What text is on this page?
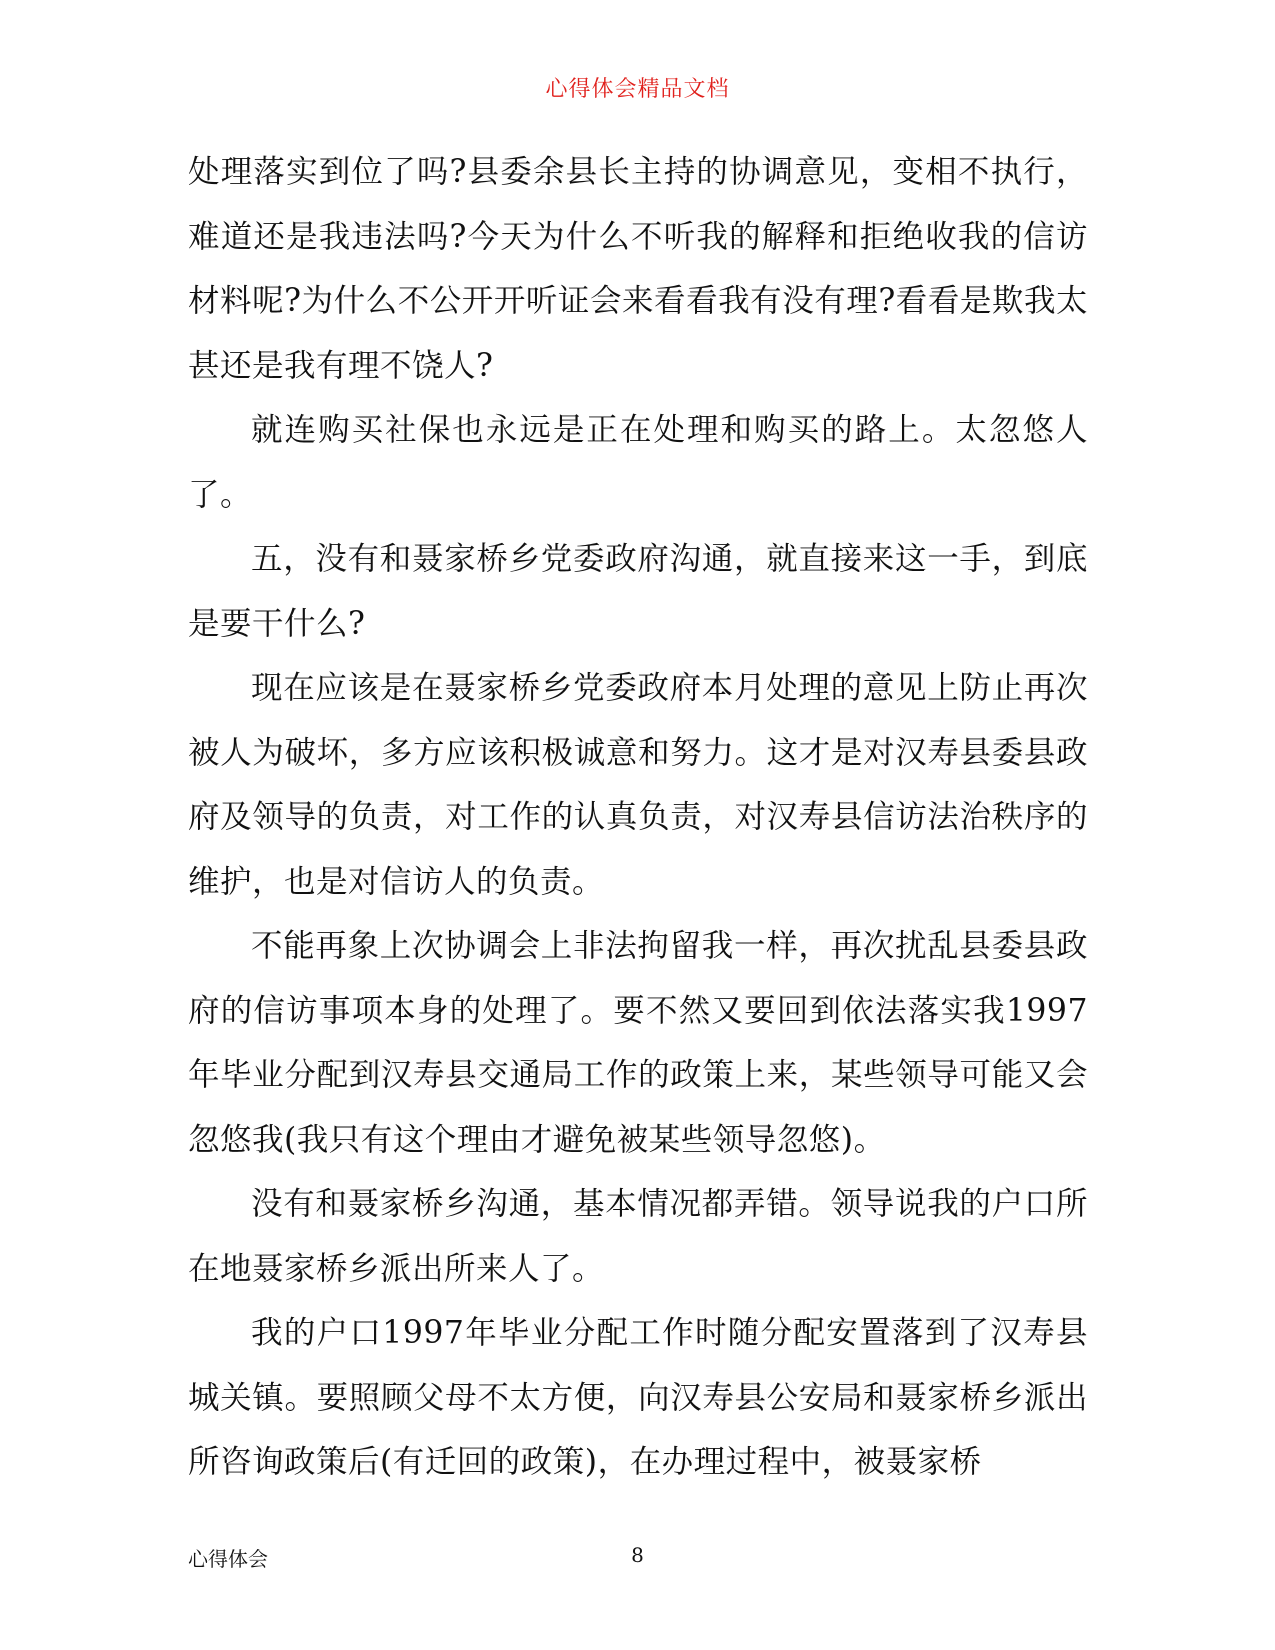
心得体会精品文档

处理落实到位了吗?县委余县长主持的协调意见，变相不执行，难道还是我违法吗?今天为什么不听我的解释和拒绝收我的信访材料呢?为什么不公开开听证会来看看我有没有理?看看是欺我太甚还是我有理不饶人?

就连购买社保也永远是正在处理和购买的路上。太忽悠人了。

五，没有和聂家桥乡党委政府沟通，就直接来这一手，到底是要干什么?

现在应该是在聂家桥乡党委政府本月处理的意见上防止再次被人为破坏，多方应该积极诚意和努力。这才是对汉寿县委县政府及领导的负责，对工作的认真负责，对汉寿县信访法治秩序的维护，也是对信访人的负责。

不能再象上次协调会上非法拘留我一样，再次扰乱县委县政府的信访事项本身的处理了。要不然又要回到依法落实我1997年毕业分配到汉寿县交通局工作的政策上来，某些领导可能又会忽悠我(我只有这个理由才避免被某些领导忽悠)。

没有和聂家桥乡沟通，基本情况都弄错。领导说我的户口所在地聂家桥乡派出所来人了。

我的户口1997年毕业分配工作时随分配安置落到了汉寿县城关镇。要照顾父母不太方便，向汉寿县公安局和聂家桥乡派出所咨询政策后(有迁回的政策)，在办理过程中，被聂家桥

心得体会	8
